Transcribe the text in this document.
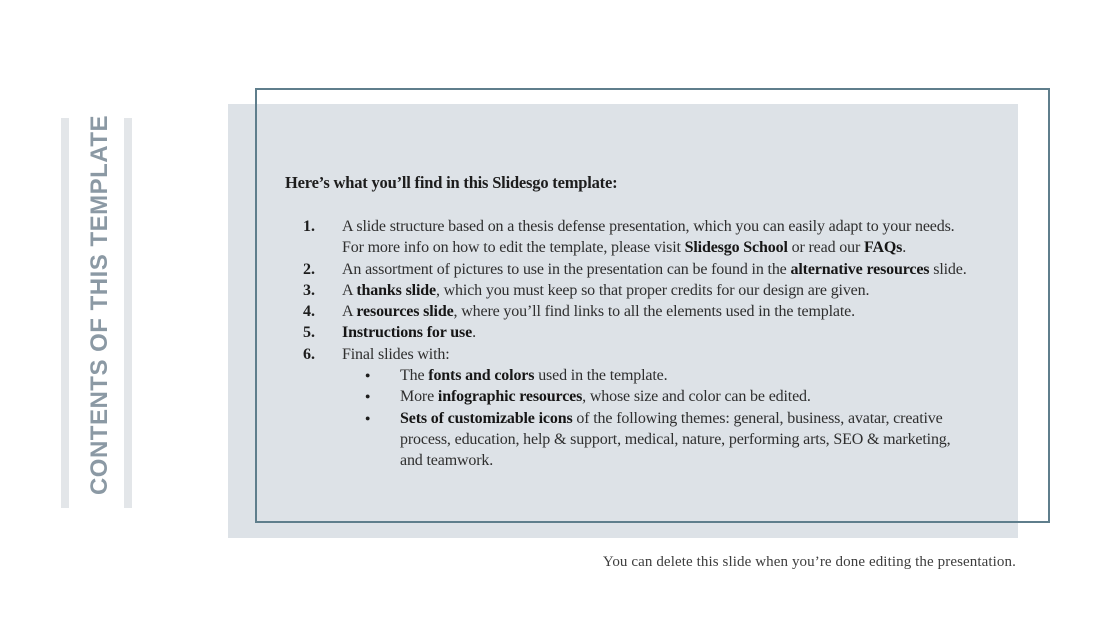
CONTENTS OF THIS TEMPLATE	Here’s what you’ll find in this Slidesgo template:
1.	A slide structure based on a thesis defense presentation, which you can easily adapt to your needs. For more info on how to edit the template, please visit Slidesgo School or read our FAQs.

2.	An assortment of pictures to use in the presentation can be found in the alternative resources slide.

3.	A thanks slide, which you must keep so that proper credits for our design are given.

4.	A resources slide, where you’ll find links to all the elements used in the template.

5.	Instructions for use.

6.	Final slides with:

●	The fonts and colors used in the template.

●	More infographic resources, whose size and color can be edited.

●	Sets of customizable icons of the following themes: general, business, avatar, creative process, education, help & support, medical, nature, performing arts, SEO & marketing, and teamwork.

You can delete this slide when you’re done editing the presentation.
